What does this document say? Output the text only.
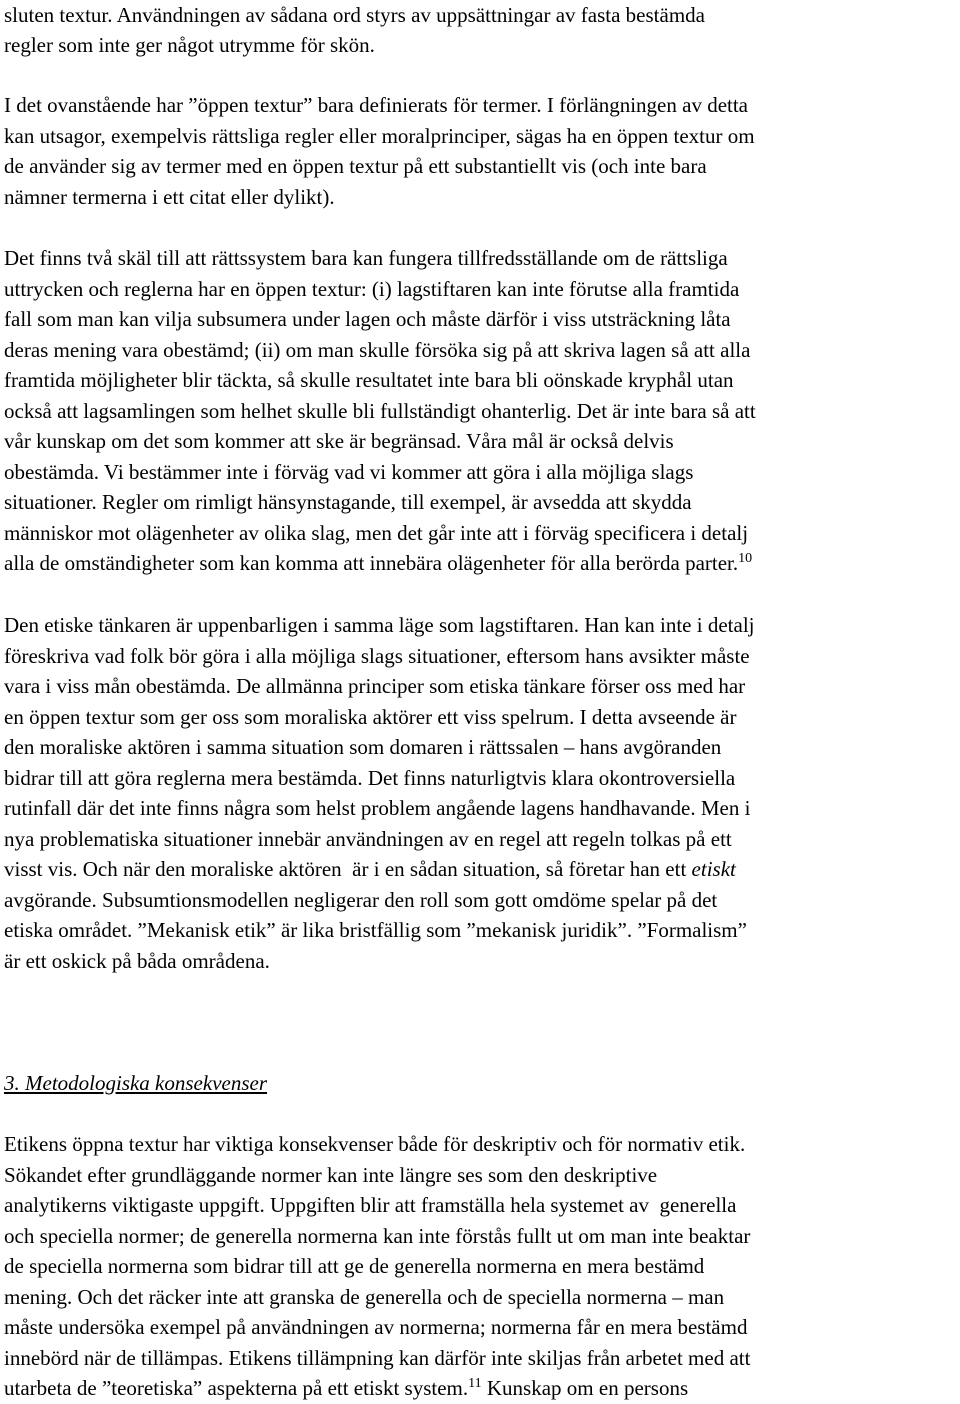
sluten textur. Användningen av sådana ord styrs av uppsättningar av fasta bestämda
regler som inte ger något utrymme för skön.
I det ovanstående har ”öppen textur” bara definierats för termer. I förlängningen av detta
kan utsagor, exempelvis rättsliga regler eller moralprinciper, sägas ha en öppen textur om
de använder sig av termer med en öppen textur på ett substantiellt vis (och inte bara
nämner termerna i ett citat eller dylikt).
Det finns två skäl till att rättssystem bara kan fungera tillfredsställande om de rättsliga
uttrycken och reglerna har en öppen textur: (i) lagstiftaren kan inte förutse alla framtida
fall som man kan vilja subsumera under lagen och måste därför i viss utsträckning låta
deras mening vara obestämd; (ii) om man skulle försöka sig på att skriva lagen så att alla
framtida möjligheter blir täckta, så skulle resultatet inte bara bli oönskade kryphål utan
också att lagsamlingen som helhet skulle bli fullständigt ohanterlig. Det är inte bara så att
vår kunskap om det som kommer att ske är begränsad. Våra mål är också delvis
obestämda. Vi bestämmer inte i förväg vad vi kommer att göra i alla möjliga slags
situationer. Regler om rimligt hänsynstagande, till exempel, är avsedda att skydda
människor mot olägenheter av olika slag, men det går inte att i förväg specificera i detalj
alla de omständigheter som kan komma att innebära olägenheter för alla berörda parter.$^{10}$
Den etiske tänkaren är uppenbarligen i samma läge som lagstiftaren. Han kan inte i detalj
föreskriva vad folk bör göra i alla möjliga slags situationer, eftersom hans avsikter måste
vara i viss mån obestämda. De allmänna principer som etiska tänkare förser oss med har
en öppen textur som ger oss som moraliska aktörer ett viss spelrum. I detta avseende är
den moraliske aktören i samma situation som domaren i rättssalen – hans avgöranden
bidrar till att göra reglerna mera bestämda. Det finns naturligtvis klara okontroversiella
rutinfall där det inte finns några som helst problem angående lagens handhavande. Men i
nya problematiska situationer innebär användningen av en regel att regeln tolkas på ett
visst vis. Och när den moraliske aktören  är i en sådan situation, så företar han ett etiskt
avgörande. Subsumtionsmodellen negligerar den roll som gott omdöme spelar på det
etiska området. ”Mekanisk etik” är lika bristfällig som ”mekanisk juridik”. ”Formalism”
är ett oskick på båda områdena.
3. Metodologiska konsekvenser
Etikens öppna textur har viktiga konsekvenser både för deskriptiv och för normativ etik.
Sökandet efter grundläggande normer kan inte längre ses som den deskriptive
analytikerns viktigaste uppgift. Uppgiften blir att framställa hela systemet av  generella
och speciella normer; de generella normerna kan inte förstås fullt ut om man inte beaktar
de speciella normerna som bidrar till att ge de generella normerna en mera bestämd
mening. Och det räcker inte att granska de generella och de speciella normerna – man
måste undersöka exempel på användningen av normerna; normerna får en mera bestämd
innebörd när de tillämpas. Etikens tillämpning kan därför inte skiljas från arbetet med att
utarbeta de ”teoretiska” aspekterna på ett etiskt system.$^{11}$ Kunskap om en persons
